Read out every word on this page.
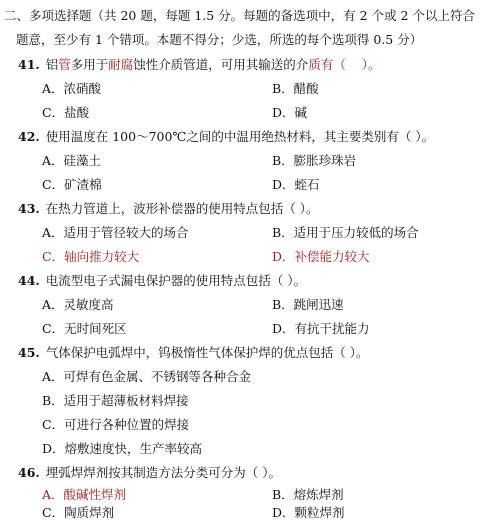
二、多项选择题（共 20 题，每题 1.5 分。每题的备选项中，有 2 个或 2 个以上符合
题意，至少有 1 个错项。本题不得分；少选，所选的每个选项得 0.5 分）
41. 铝管多用于耐腐蚀性介质管道，可用其输送的介质有（ ）。
A．浓硝酸	B．醋酸
C．盐酸	D．碱
42. 使用温度在 100～700℃之间的中温用绝热材料，其主要类别有（ ）。
A．硅藻土	B．膨胀珍珠岩
C．矿渣棉	D．蛭石
43. 在热力管道上，波形补偿器的使用特点包括（ ）。
A．适用于管径较大的场合	B．适用于压力较低的场合
C．轴向推力较大	D．补偿能力较大
44. 电流型电子式漏电保护器的使用特点包括（ ）。
A．灵敏度高	B．跳闸迅速
C．无时间死区	D．有抗干扰能力
45. 气体保护电弧焊中，钨极惰性气体保护焊的优点包括（ ）。
A．可焊有色金属、不锈钢等各种合金
B．适用于超薄板材料焊接
C．可进行各种位置的焊接
D．熔敷速度快，生产率较高
46. 埋弧焊焊剂按其制造方法分类可分为（ ）。
A．酸碱性焊剂	B．熔炼焊剂
C．陶质焊剂	D．颗粒焊剂
